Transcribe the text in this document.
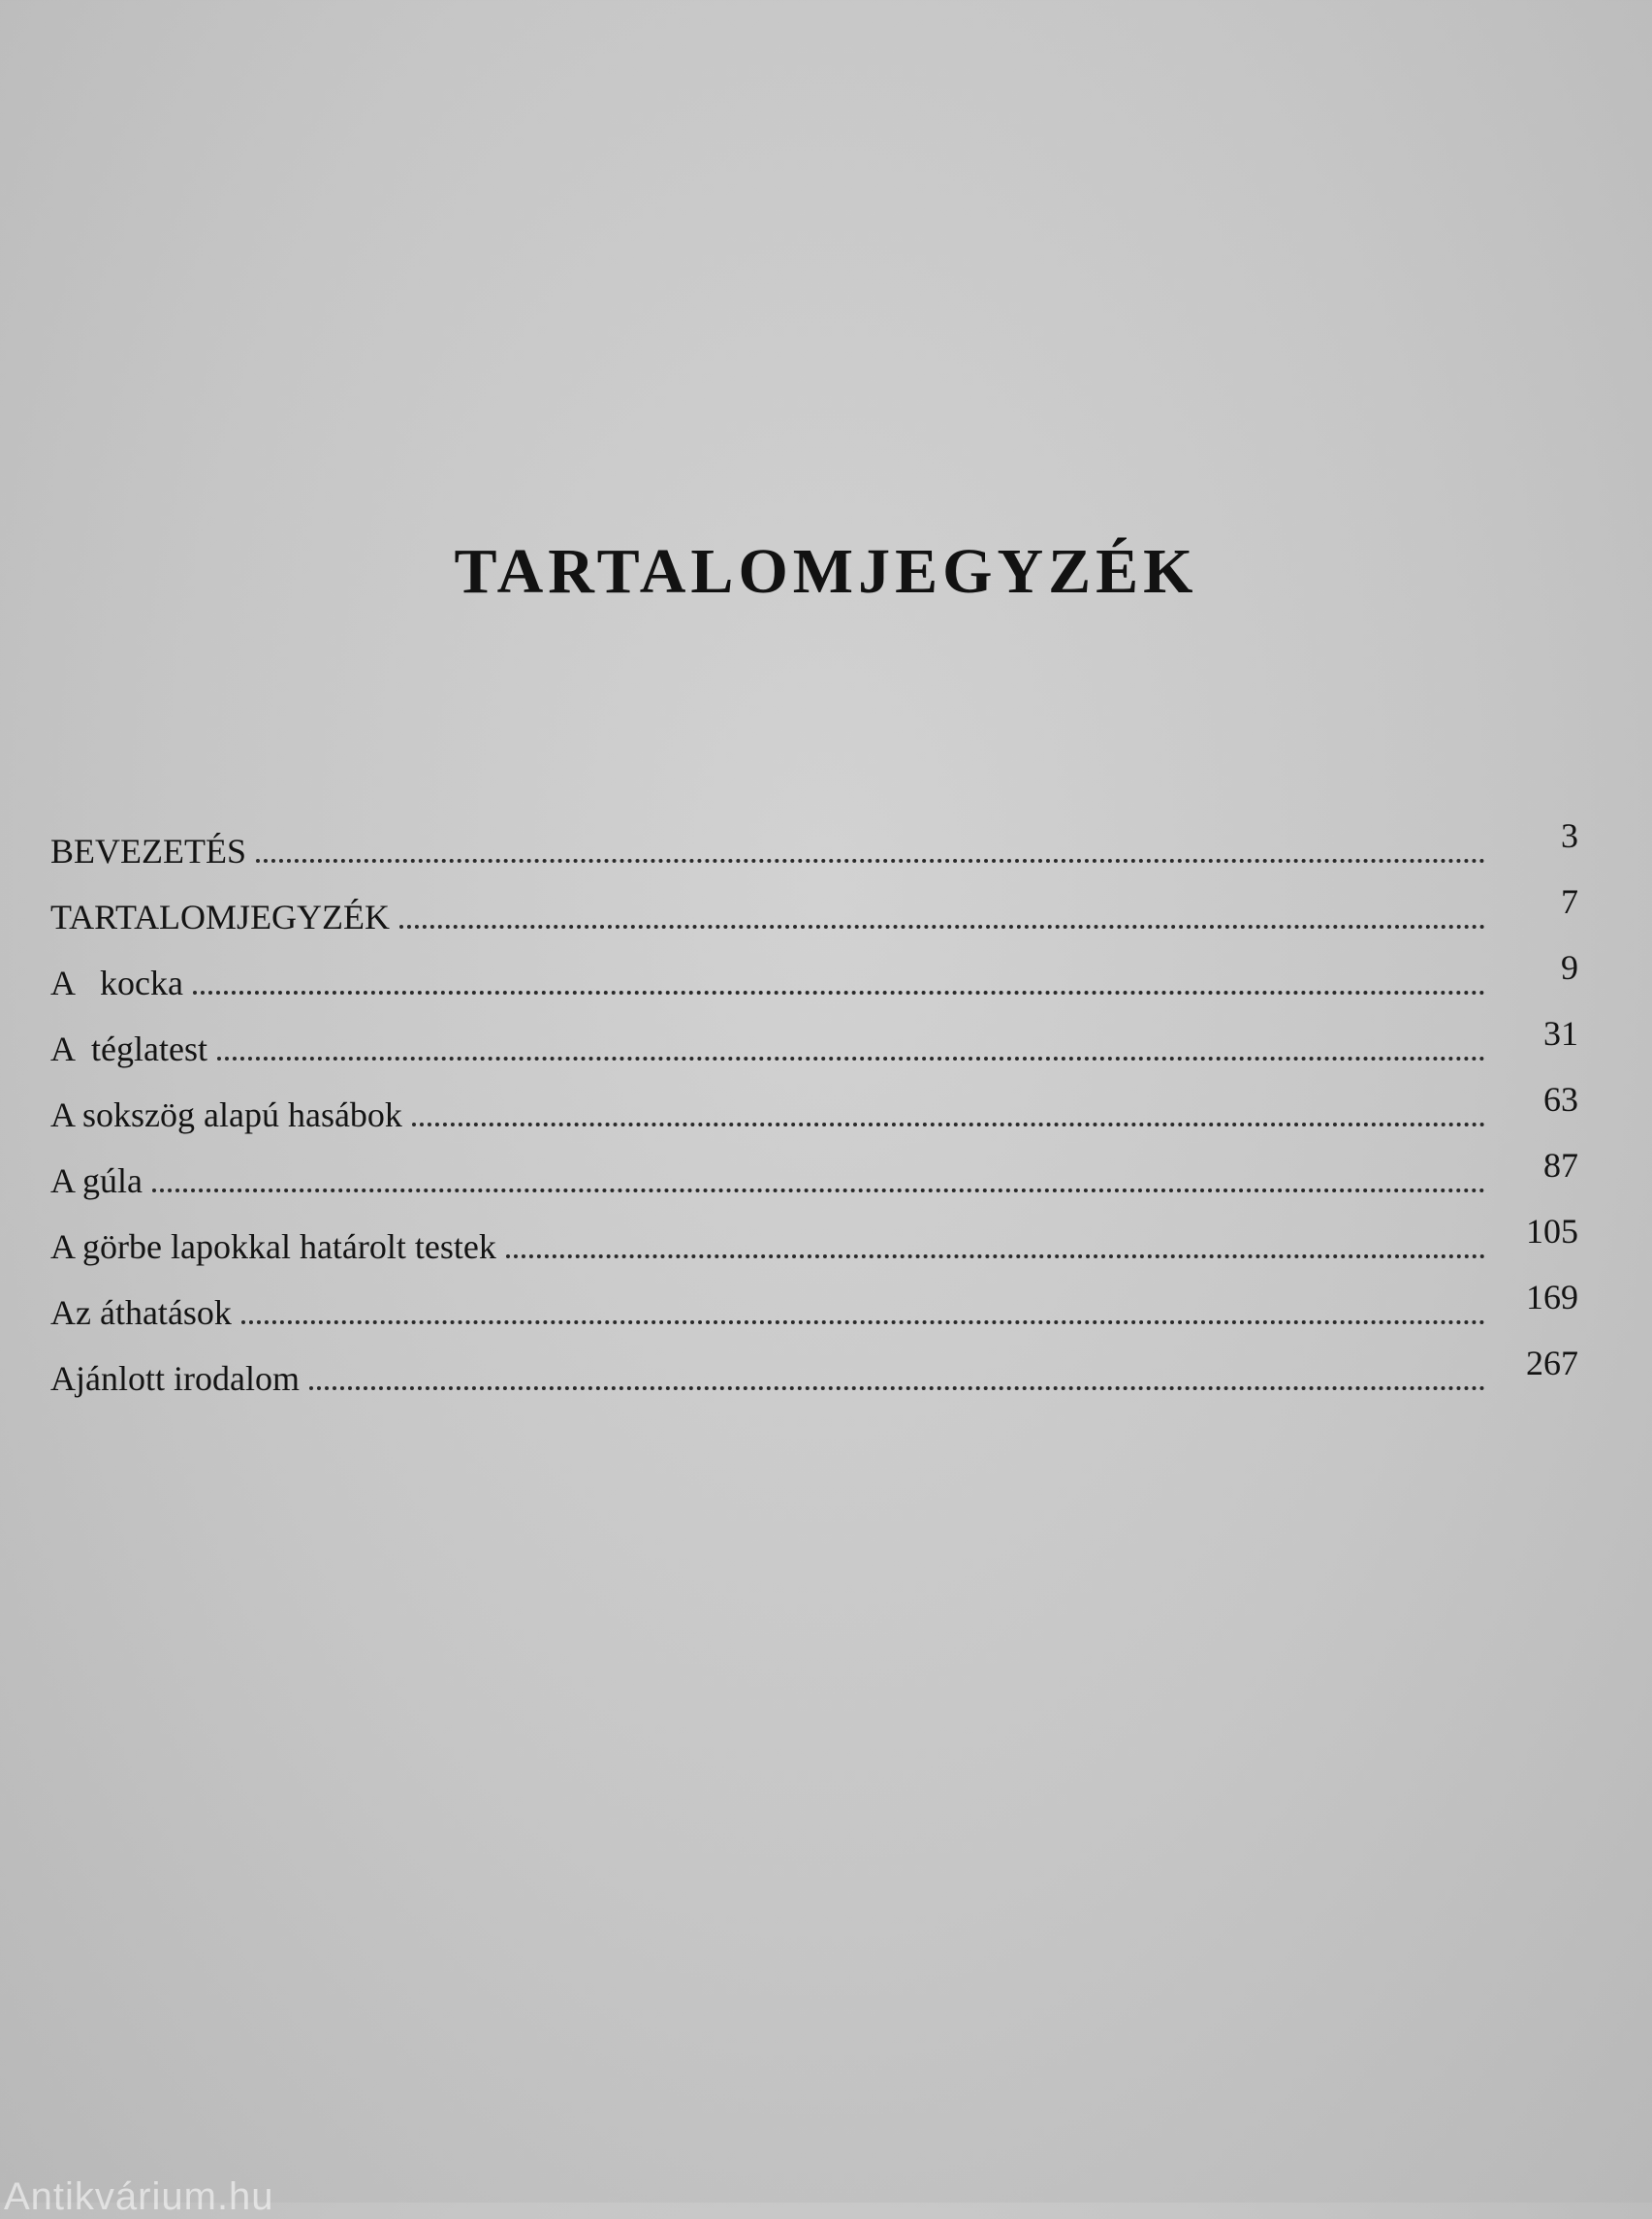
TARTALOMJEGYZÉK
BEVEZETÉS	3
TARTALOMJEGYZÉK	7
A   kocka	9
A  téglatest	31
A sokszög alapú hasábok	63
A gúla	87
A görbe lapokkal határolt testek	105
Az áthatások	169
Ajánlott irodalom	267
Antikvárium.hu
